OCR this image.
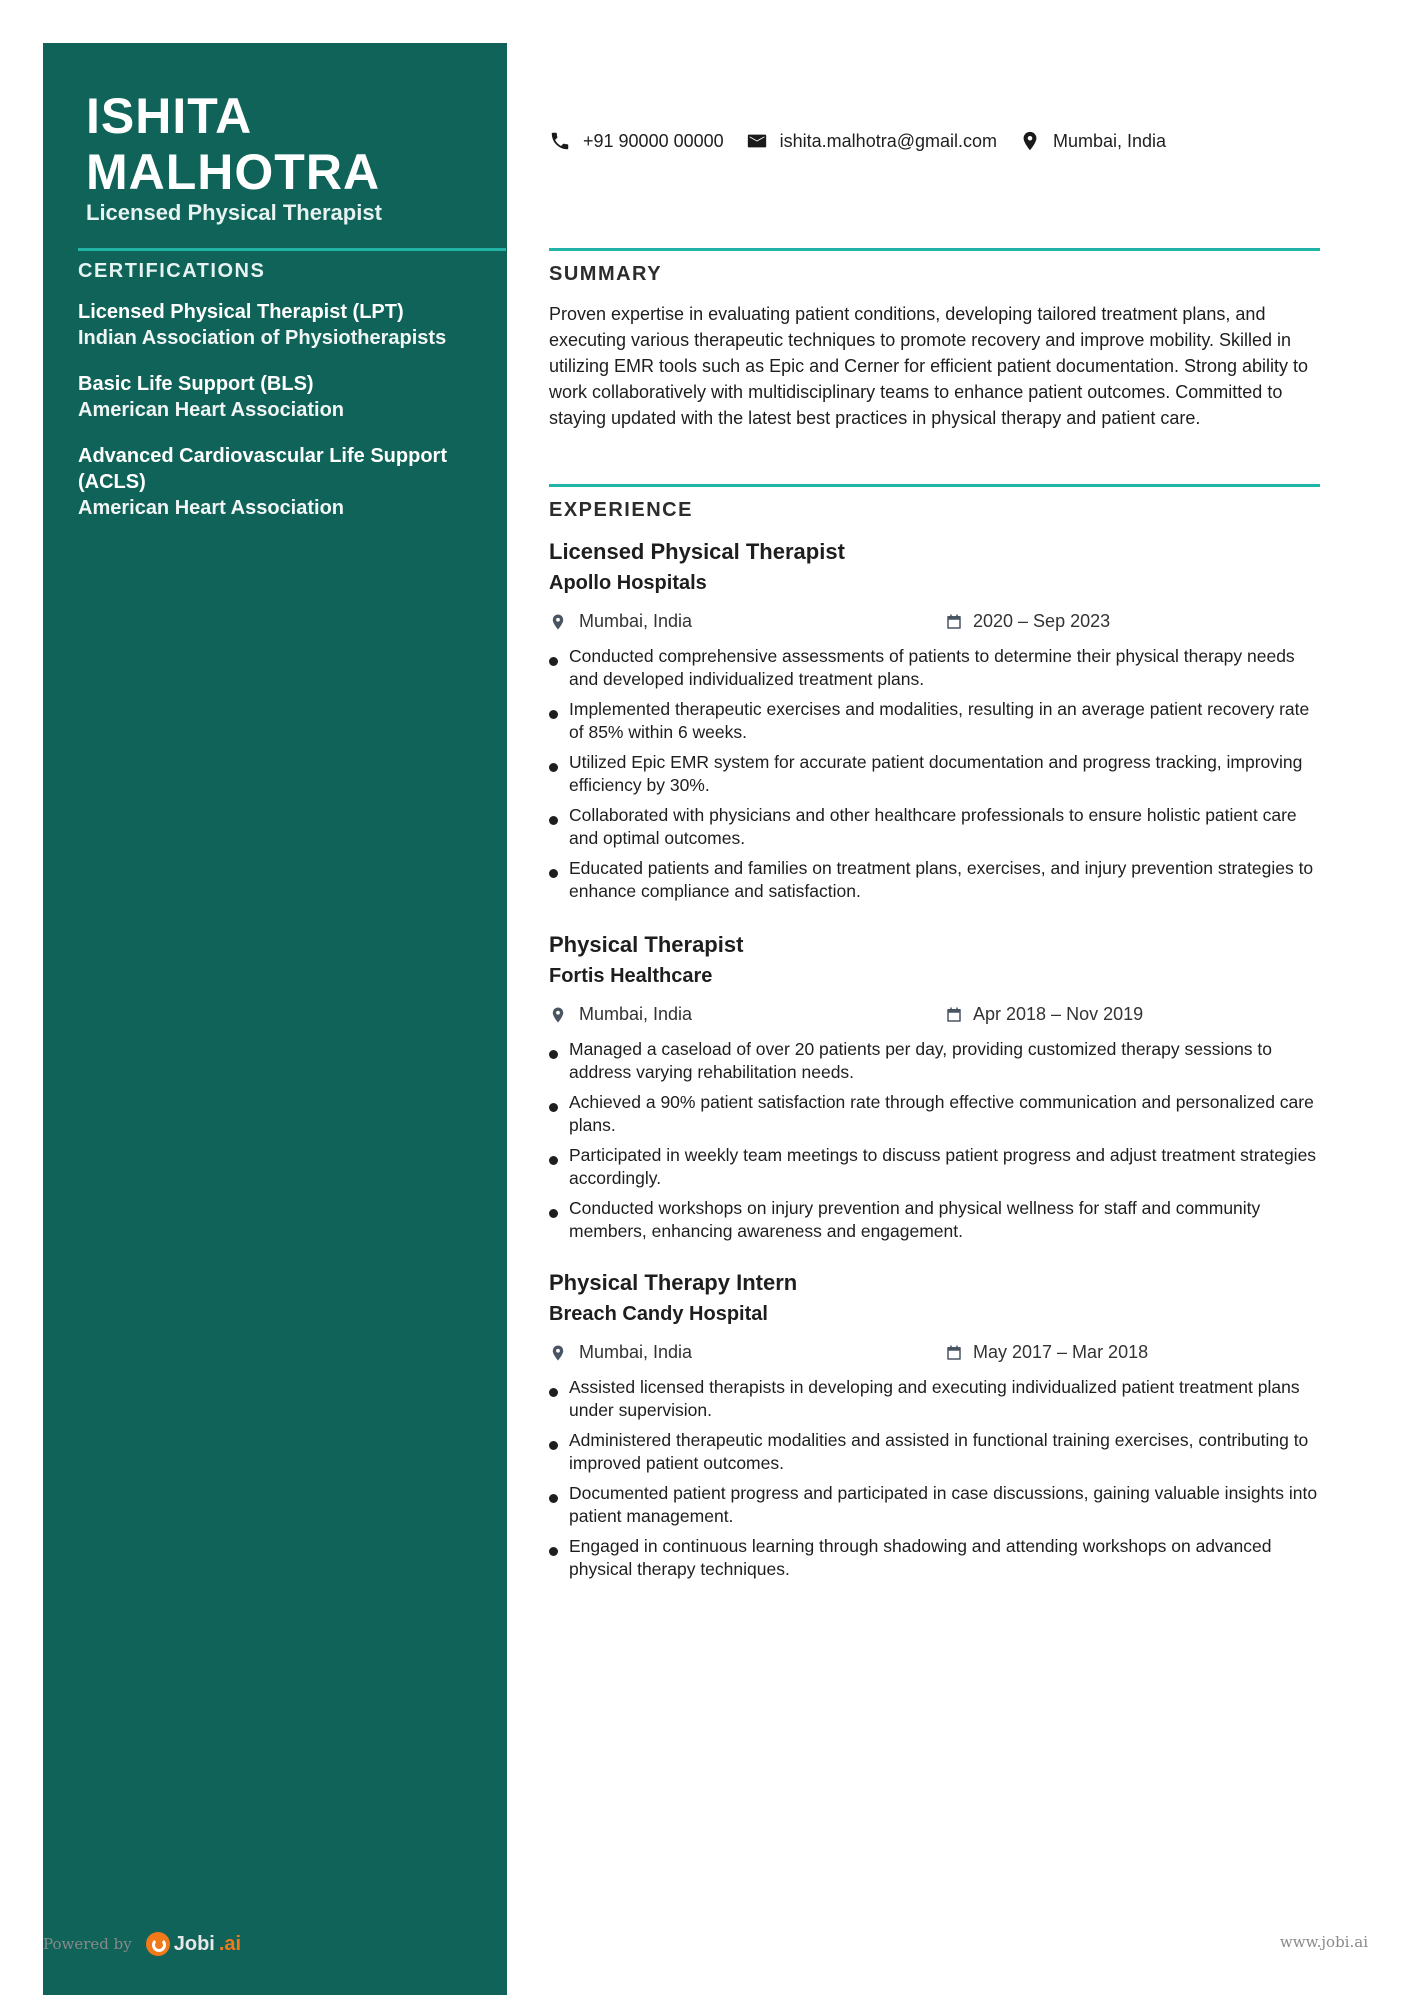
ISHITA
MALHOTRA

Licensed Physical Therapist

CERTIFICATIONS
Licensed Physical Therapist (LPT)
Indian Association of Physiotherapists
Basic Life Support (BLS)
American Heart Association
Advanced Cardiovascular Life Support (ACLS)
American Heart Association
+91 90000 00000	ishita.malhotra@gmail.com	Mumbai, India
SUMMARY

Proven expertise in evaluating patient conditions, developing tailored treatment plans, and executing various therapeutic techniques to promote recovery and improve mobility. Skilled in utilizing EMR tools such as Epic and Cerner for efficient patient documentation. Strong ability to work collaboratively with multidisciplinary teams to enhance patient outcomes. Committed to staying updated with the latest best practices in physical therapy and patient care.

EXPERIENCE
Licensed Physical Therapist
Apollo Hospitals
Mumbai, India	2020 – Sep 2023
Conducted comprehensive assessments of patients to determine their physical therapy needs and developed individualized treatment plans.
Implemented therapeutic exercises and modalities, resulting in an average patient recovery rate of 85% within 6 weeks.
Utilized Epic EMR system for accurate patient documentation and progress tracking, improving efficiency by 30%.
Collaborated with physicians and other healthcare professionals to ensure holistic patient care and optimal outcomes.
Educated patients and families on treatment plans, exercises, and injury prevention strategies to enhance compliance and satisfaction.
Physical Therapist
Fortis Healthcare
Mumbai, India	Apr 2018 – Nov 2019
Managed a caseload of over 20 patients per day, providing customized therapy sessions to address varying rehabilitation needs.
Achieved a 90% patient satisfaction rate through effective communication and personalized care plans.
Participated in weekly team meetings to discuss patient progress and adjust treatment strategies accordingly.
Conducted workshops on injury prevention and physical wellness for staff and community members, enhancing awareness and engagement.
Physical Therapy Intern
Breach Candy Hospital
Mumbai, India	May 2017 – Mar 2018
Assisted licensed therapists in developing and executing individualized patient treatment plans under supervision.
Administered therapeutic modalities and assisted in functional training exercises, contributing to improved patient outcomes.
Documented patient progress and participated in case discussions, gaining valuable insights into patient management.
Engaged in continuous learning through shadowing and attending workshops on advanced physical therapy techniques.
Powered by Jobi .ai	www.jobi.ai
